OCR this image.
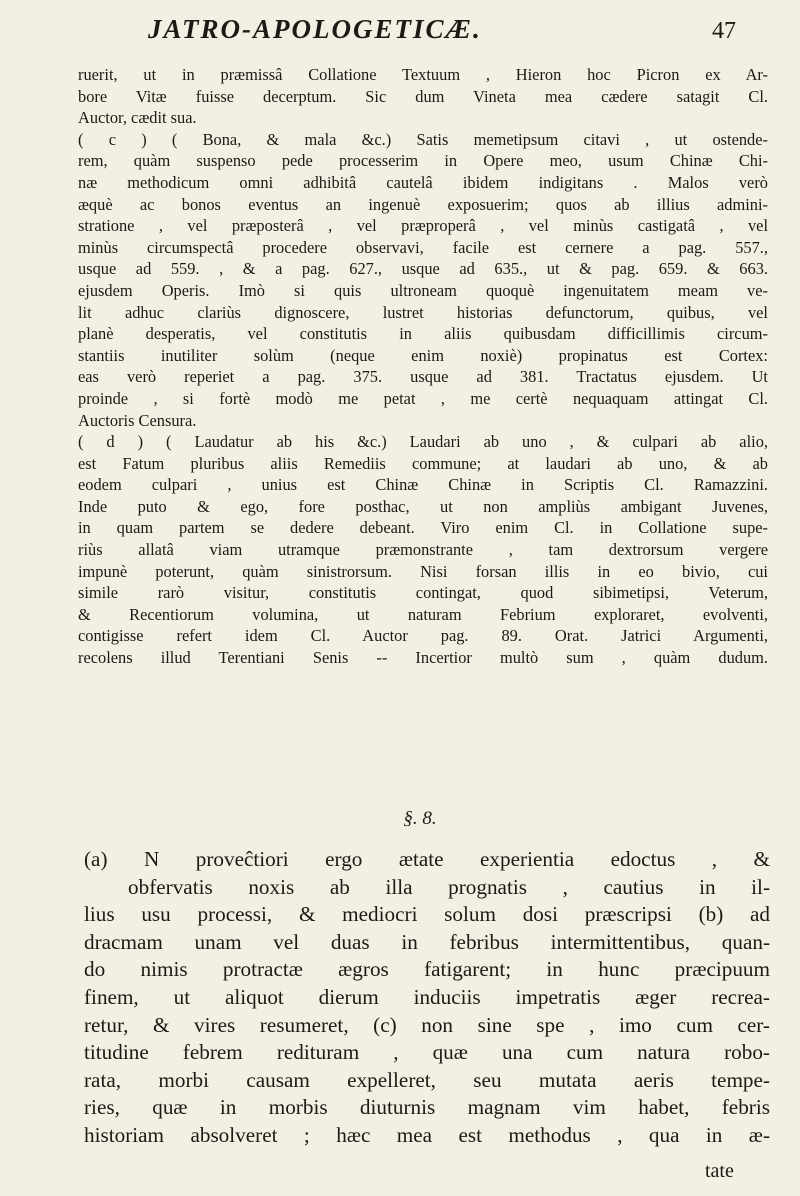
JATRO-APOLOGETICÆ.	47
ruerit, ut in præmissâ Collatione Textuum , Hieron hoc Picron ex Ar-
bore Vitæ fuisse decerptum. Sic dum Vineta mea cædere satagit Cl.
Auctor, cædit sua.
( c ) ( Bona, & mala &c.) Satis memetipsum citavi , ut ostende-
rem, quàm suspenso pede processerim in Opere meo, usum Chinæ Chi-
næ methodicum omni adhibitâ cautelâ ibidem indigitans . Malos verò
æquè ac bonos eventus an ingenuè exposuerim; quos ab illius admini-
stratione , vel præposterâ , vel præproperâ , vel minùs castigatâ , vel
minùs circumspectâ procedere observavi, facile est cernere a pag. 557.,
usque ad 559. , & a pag. 627., usque ad 635., ut & pag. 659. & 663.
ejusdem Operis. Imò si quis ultroneam quoquè ingenuitatem meam ve-
lit adhuc clariùs dignoscere, lustret historias defunctorum, quibus, vel
planè desperatis, vel constitutis in aliis quibusdam difficillimis circum-
stantiis inutiliter solùm (neque enim noxiè) propinatus est Cortex:
eas verò reperiet a pag. 375. usque ad 381. Tractatus ejusdem. Ut
proinde , si fortè modò me petat , me certè nequaquam attingat Cl.
Auctoris Censura.
( d ) ( Laudatur ab his &c.) Laudari ab uno , & culpari ab alio,
est Fatum pluribus aliis Remediis commune; at laudari ab uno, & ab
eodem culpari , unius est Chinæ Chinæ in Scriptis Cl. Ramazzini.
Inde puto & ego, fore posthac, ut non ampliùs ambigant Juvenes,
in quam partem se dedere debeant. Viro enim Cl. in Collatione supe-
riùs allatâ viam utramque præmonstrante , tam dextrorsum vergere
impunè poterunt, quàm sinistrorsum. Nisi forsan illis in eo bivio, cui
simile rarò visitur, constitutis contingat, quod sibimetipsi, Veterum,
& Recentiorum volumina, ut naturam Febrium exploraret, evolventi,
contigisse refert idem Cl. Auctor pag. 89. Orat. Jatrici Argumenti,
recolens illud Terentiani Senis -- Incertior multò sum , quàm dudum.
§. 8.
(a) N proveĉtiori ergo ætate experientia edoctus , &
obfervatis noxis ab illa prognatis , cautius in il-
lius usu processi, & mediocri solum dosi præscripsi (b) ad
dracmam unam vel duas in febribus intermittentibus, quan-
do nimis protractæ ægros fatigarent; in hunc præcipuum
finem, ut aliquot dierum induciis impetratis æger recrea-
retur, & vires resumeret, (c) non sine spe , imo cum cer-
titudine febrem redituram , quæ una cum natura robo-
rata, morbi causam expelleret, seu mutata aeris tempe-
ries, quæ in morbis diuturnis magnam vim habet, febris
historiam absolveret ; hæc mea est methodus , qua in æ-
tate
